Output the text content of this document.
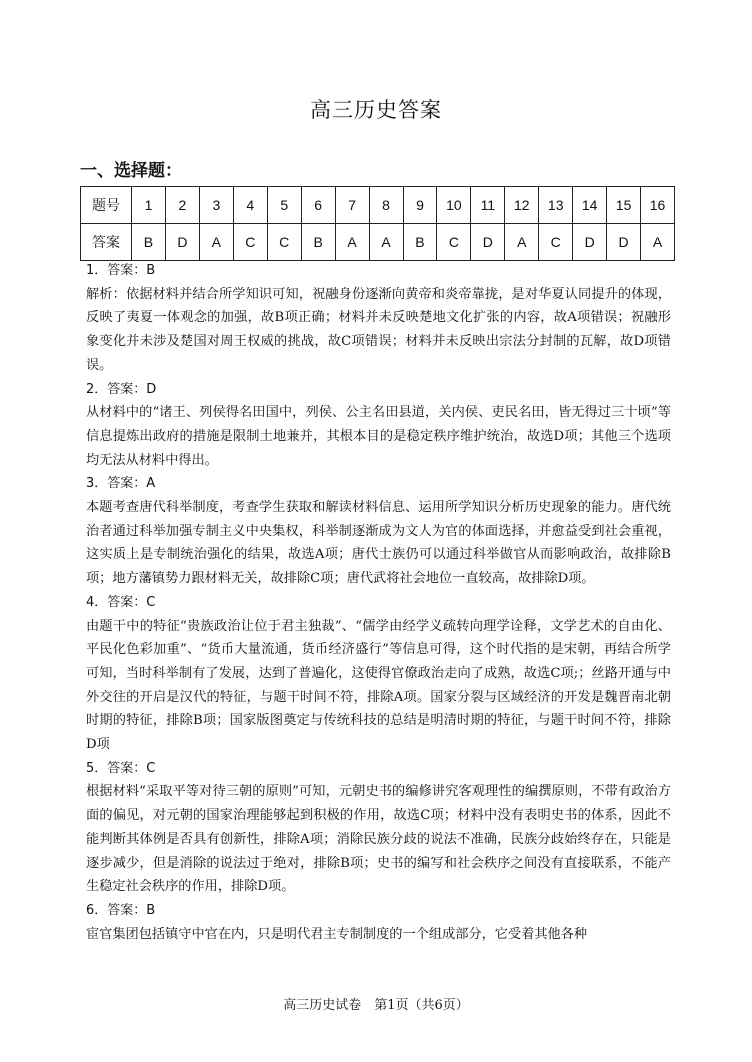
高三历史答案
一、选择题：
题号	1	2	3	4	5	6	7	8	9	10	11	12	13	14	15	16
答案	B	D	A	C	C	B	A	A	B	C	D	A	C	D	D	A
1．答案：B

解析：依据材料并结合所学知识可知，祝融身份逐渐向黄帝和炎帝靠拢，是对华夏认同提升的体现，反映了夷夏一体观念的加强，故B项正确；材料并未反映楚地文化扩张的内容，故A项错误；祝融形象变化并未涉及楚国对周王权威的挑战，故C项错误；材料并未反映出宗法分封制的瓦解，故D项错误。

2．答案：D

从材料中的“诸王、列侯得名田国中，列侯、公主名田县道，关内侯、吏民名田，皆无得过三十顷”等信息提炼出政府的措施是限制土地兼并，其根本目的是稳定秩序维护统治，故选D项；其他三个选项均无法从材料中得出。

3．答案：A

本题考查唐代科举制度，考查学生获取和解读材料信息、运用所学知识分析历史现象的能力。唐代统治者通过科举加强专制主义中央集权，科举制逐渐成为文人为官的体面选择，并愈益受到社会重视，这实质上是专制统治强化的结果，故选A项；唐代士族仍可以通过科举做官从而影响政治，故排除B项；地方藩镇势力跟材料无关，故排除C项；唐代武将社会地位一直较高，故排除D项。

4．答案：C

由题干中的特征“贵族政治让位于君主独裁”、“儒学由经学义疏转向理学诠释，文学艺术的自由化、平民化色彩加重”、“货币大量流通，货币经济盛行”等信息可得，这个时代指的是宋朝，再结合所学可知，当时科举制有了发展，达到了普遍化，这使得官僚政治走向了成熟，故选C项;；丝路开通与中外交往的开启是汉代的特征，与题干时间不符，排除A项。国家分裂与区域经济的开发是魏晋南北朝时期的特征，排除B项；国家版图奠定与传统科技的总结是明清时期的特征，与题干时间不符，排除D项

5．答案：C

根据材料“采取平等对待三朝的原则”可知，元朝史书的编修讲究客观理性的编撰原则，不带有政治方面的偏见，对元朝的国家治理能够起到积极的作用，故选C项；材料中没有表明史书的体系，因此不能判断其体例是否具有创新性，排除A项；消除民族分歧的说法不准确，民族分歧始终存在，只能是逐步减少，但是消除的说法过于绝对，排除B项；史书的编写和社会秩序之间没有直接联系，不能产生稳定社会秩序的作用，排除D项。

6．答案：B

宦官集团包括镇守中官在内，只是明代君主专制制度的一个组成部分，它受着其他各种

高三历史试卷　第1页（共6页）
